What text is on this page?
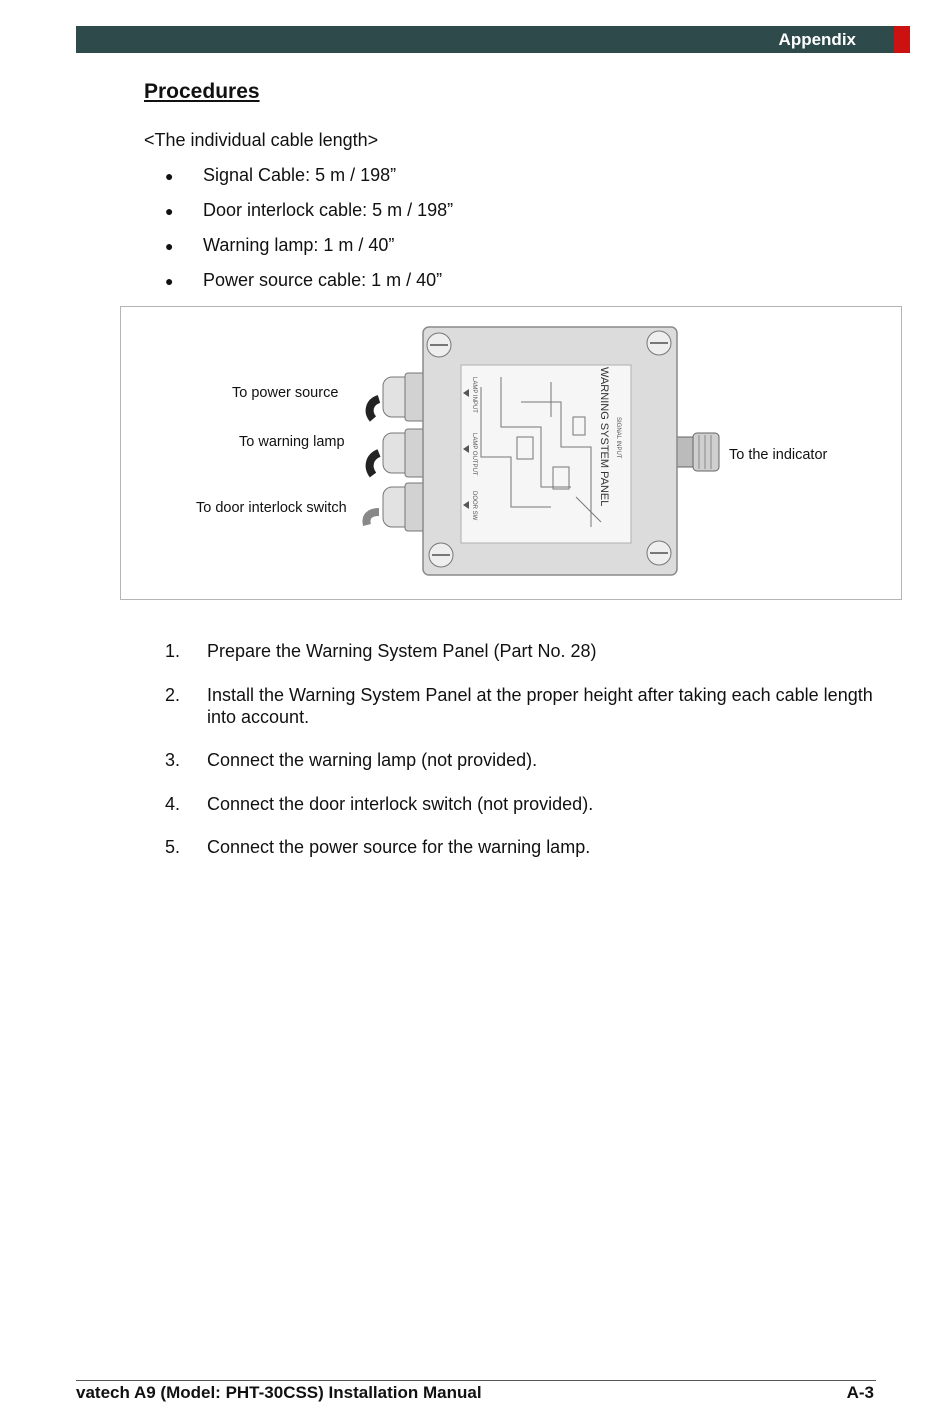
Appendix
Procedures
<The individual cable length>
●	Signal Cable: 5 m / 198”
●	Door interlock cable: 5 m / 198”
●	Warning lamp: 1 m / 40”
●	Power source cable: 1 m / 40”
WARNING SYSTEM PANEL SIGNAL INPUT
LAMP INPUT
LAMP OUTPUT
DOOR SW
To power source
To warning lamp
To door interlock switch
To the indicator
1.	Prepare the Warning System Panel (Part No. 28)
2.	Install the Warning System Panel at the proper height after taking each cable length into account.
3.	Connect the warning lamp (not provided).
4.	Connect the door interlock switch (not provided).
5.	Connect the power source for the warning lamp.
vatech A9 (Model: PHT-30CSS) Installation Manual	A-3
